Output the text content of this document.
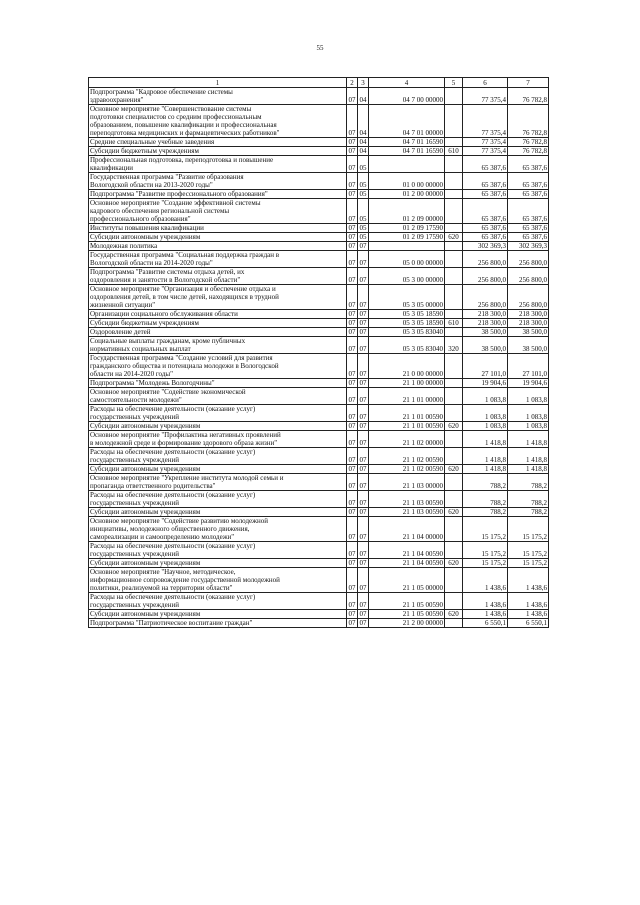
55
1	2	3	4	5	6	7

Подпрограмма "Кадровое обеспечение системы
здравоохранения"	07	04	04 7 00 00000		77 375,4	76 782,8

Основное мероприятие "Совершенствование системы
подготовки специалистов со средним профессиональным
образованием, повышение квалификации и профессиональная
переподготовка медицинских и фармацевтических работников"	07	04	04 7 01 00000		77 375,4	76 782,8

Средние специальные учебные заведения	07	04	04 7 01 16590		77 375,4	76 782,8

Субсидии бюджетным учреждениям	07	04	04 7 01 16590	610	77 375,4	76 782,8

Профессиональная подготовка, переподготовка и повышение
квалификации	07	05			65 387,6	65 387,6

Государственная программа "Развитие образования
Вологодской области на 2013-2020 годы"	07	05	01 0 00 00000		65 387,6	65 387,6

Подпрограмма "Развитие профессионального образования"	07	05	01 2 00 00000		65 387,6	65 387,6

Основное мероприятие "Создание эффективной системы
кадрового обеспечения региональной системы
профессионального образования"	07	05	01 2 09 00000		65 387,6	65 387,6

Институты повышения квалификации	07	05	01 2 09 17590		65 387,6	65 387,6

Субсидии автономным учреждениям	07	05	01 2 09 17590	620	65 387,6	65 387,6

Молодежная политика	07	07			302 369,3	302 369,3

Государственная программа "Социальная поддержка граждан в
Вологодской области на 2014-2020 годы"	07	07	05 0 00 00000		256 800,0	256 800,0

Подпрограмма "Развитие системы отдыха детей, их
оздоровления и занятости в Вологодской области"	07	07	05 3 00 00000		256 800,0	256 800,0

Основное мероприятие "Организация и обеспечение отдыха и
оздоровления детей, в том числе детей, находящихся в трудной
жизненной ситуации"	07	07	05 3 05 00000		256 800,0	256 800,0

Организации социального обслуживания области	07	07	05 3 05 18590		218 300,0	218 300,0

Субсидии бюджетным учреждениям	07	07	05 3 05 18590	610	218 300,0	218 300,0

Оздоровление детей	07	07	05 3 05 83040		38 500,0	38 500,0

Социальные выплаты гражданам, кроме публичных
нормативных социальных выплат	07	07	05 3 05 83040	320	38 500,0	38 500,0

Государственная программа "Создание условий для развития
гражданского общества и потенциала молодежи в Вологодской
области на 2014-2020 годы"	07	07	21 0 00 00000		27 101,0	27 101,0

Подпрограмма "Молодежь Вологодчины"	07	07	21 1 00 00000		19 904,6	19 904,6

Основное мероприятие "Содействие экономической
самостоятельности молодежи"	07	07	21 1 01 00000		1 083,8	1 083,8

Расходы на обеспечение деятельности (оказание услуг)
государственных учреждений	07	07	21 1 01 00590		1 083,8	1 083,8

Субсидии автономным учреждениям	07	07	21 1 01 00590	620	1 083,8	1 083,8

Основное мероприятие "Профилактика негативных проявлений
в молодежной среде и формирование здорового образа жизни"	07	07	21 1 02 00000		1 418,8	1 418,8

Расходы на обеспечение деятельности (оказание услуг)
государственных учреждений	07	07	21 1 02 00590		1 418,8	1 418,8

Субсидии автономным учреждениям	07	07	21 1 02 00590	620	1 418,8	1 418,8

Основное мероприятие "Укрепление института молодой семьи и
пропаганда ответственного родительства"	07	07	21 1 03 00000		788,2	788,2

Расходы на обеспечение деятельности (оказание услуг)
государственных учреждений	07	07	21 1 03 00590		788,2	788,2

Субсидии автономным учреждениям	07	07	21 1 03 00590	620	788,2	788,2

Основное мероприятие "Содействие развитию молодежной
инициативы, молодежного общественного движения,
самореализации и самоопределению молодежи"	07	07	21 1 04 00000		15 175,2	15 175,2

Расходы на обеспечение деятельности (оказание услуг)
государственных учреждений	07	07	21 1 04 00590		15 175,2	15 175,2

Субсидии автономным учреждениям	07	07	21 1 04 00590	620	15 175,2	15 175,2

Основное мероприятие "Научное, методическое,
информационное сопровождение государственной молодежной
политики, реализуемой на территории области"	07	07	21 1 05 00000		1 438,6	1 438,6

Расходы на обеспечение деятельности (оказание услуг)
государственных учреждений	07	07	21 1 05 00590		1 438,6	1 438,6

Субсидии автономным учреждениям	07	07	21 1 05 00590	620	1 438,6	1 438,6

Подпрограмма "Патриотическое воспитание граждан"	07	07	21 2 00 00000		6 550,1	6 550,1
